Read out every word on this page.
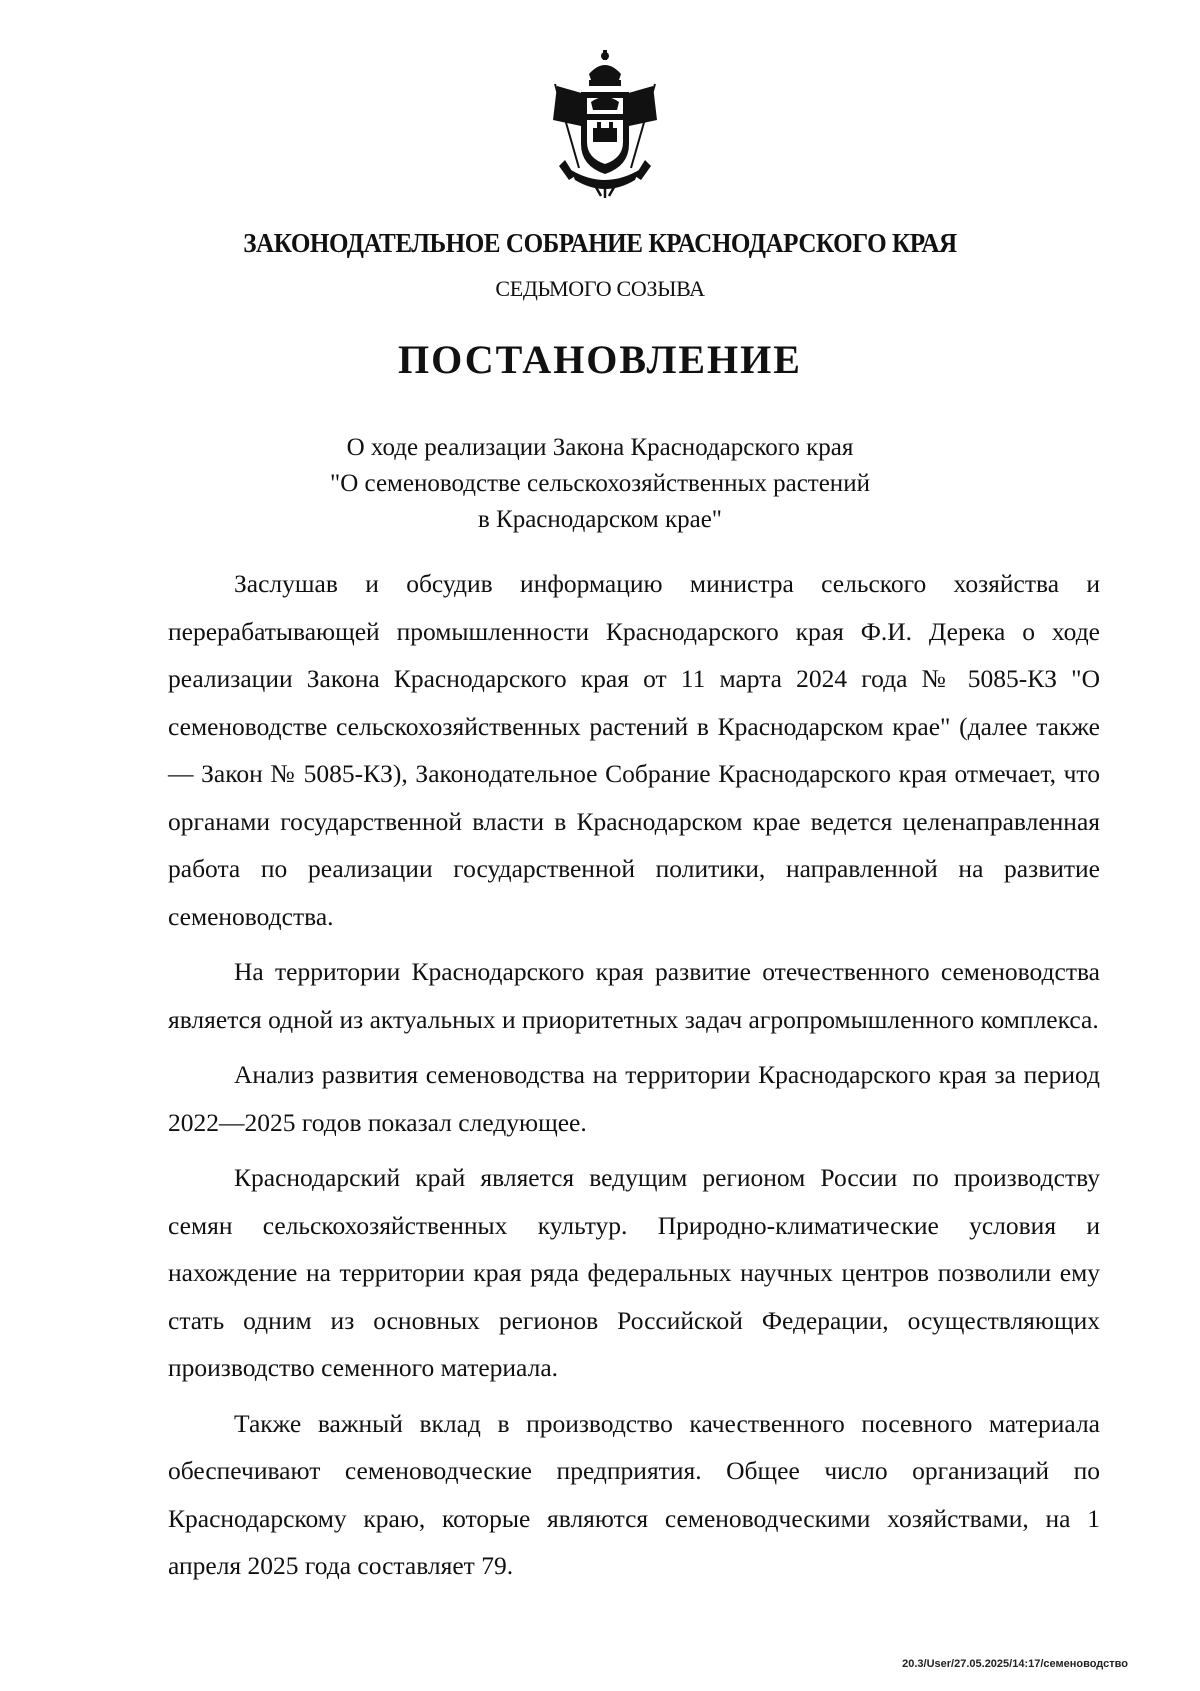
ЗАКОНОДАТЕЛЬНОЕ СОБРАНИЕ КРАСНОДАРСКОГО КРАЯ
СЕДЬМОГО СОЗЫВА
ПОСТАНОВЛЕНИЕ
О ходе реализации Закона Краснодарского края
"О семеноводстве сельскохозяйственных растений
в Краснодарском крае"

Заслушав и обсудив информацию министра сельского хозяйства и перерабатывающей промышленности Краснодарского края Ф.И. Дерека о ходе реализации Закона Краснодарского края от 11 марта 2024 года № 5085-КЗ "О семеноводстве сельскохозяйственных растений в Краснодарском крае" (далее также — Закон № 5085-КЗ), Законодательное Собрание Краснодарского края отмечает, что органами государственной власти в Краснодарском крае ведется целенаправленная работа по реализации государственной политики, направленной на развитие семеноводства.

На территории Краснодарского края развитие отечественного семеноводства является одной из актуальных и приоритетных задач агропромышленного комплекса.

Анализ развития семеноводства на территории Краснодарского края за период 2022—2025 годов показал следующее.

Краснодарский край является ведущим регионом России по производству семян сельскохозяйственных культур. Природно-климатические условия и нахождение на территории края ряда федеральных научных центров позволили ему стать одним из основных регионов Российской Федерации, осуществляющих производство семенного материала.

Также важный вклад в производство качественного посевного материала обеспечивают семеноводческие предприятия. Общее число организаций по Краснодарскому краю, которые являются семеноводческими хозяйствами, на 1 апреля 2025 года составляет 79.

20.3/User/27.05.2025/14:17/семеноводство
